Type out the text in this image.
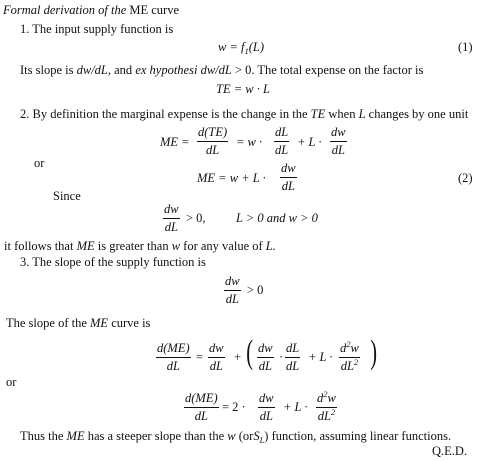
Formal derivation of the ME curve
1. The input supply function is
$w = f_1(L)$	(1)
Its slope is dw/dL, and ex hypothesi dw/dL > 0. The total expense on the factor is
TE = w · L
2. By definition the marginal expense is the change in the TE when L changes by one unit
ME = $\frac{d(TE)}{dL} = w \cdot \frac{dL}{dL} + L \cdot \frac{dw}{dL}$
or
ME = $w + L \cdot \frac{dw}{dL}$	(2)
Since
$\frac{dw}{dL} > 0$, L > 0 and w > 0
it follows that ME is greater than w for any value of L.
3. The slope of the supply function is
$\frac{dw}{dL} > 0$
The slope of the ME curve is
$\frac{d(ME)}{dL} = \frac{dw}{dL}$ + ( $\frac{dw}{dL} \cdot \frac{dL}{dL} + L \cdot \frac{d^2w}{dL^2}$ )
or
$\frac{d(ME)}{dL} = 2 \cdot \frac{dw}{dL} + L \cdot \frac{d^2w}{dL^2}$
Thus the ME has a steeper slope than the w (orS$_L$) function, assuming linear functions.
Q.E.D.
